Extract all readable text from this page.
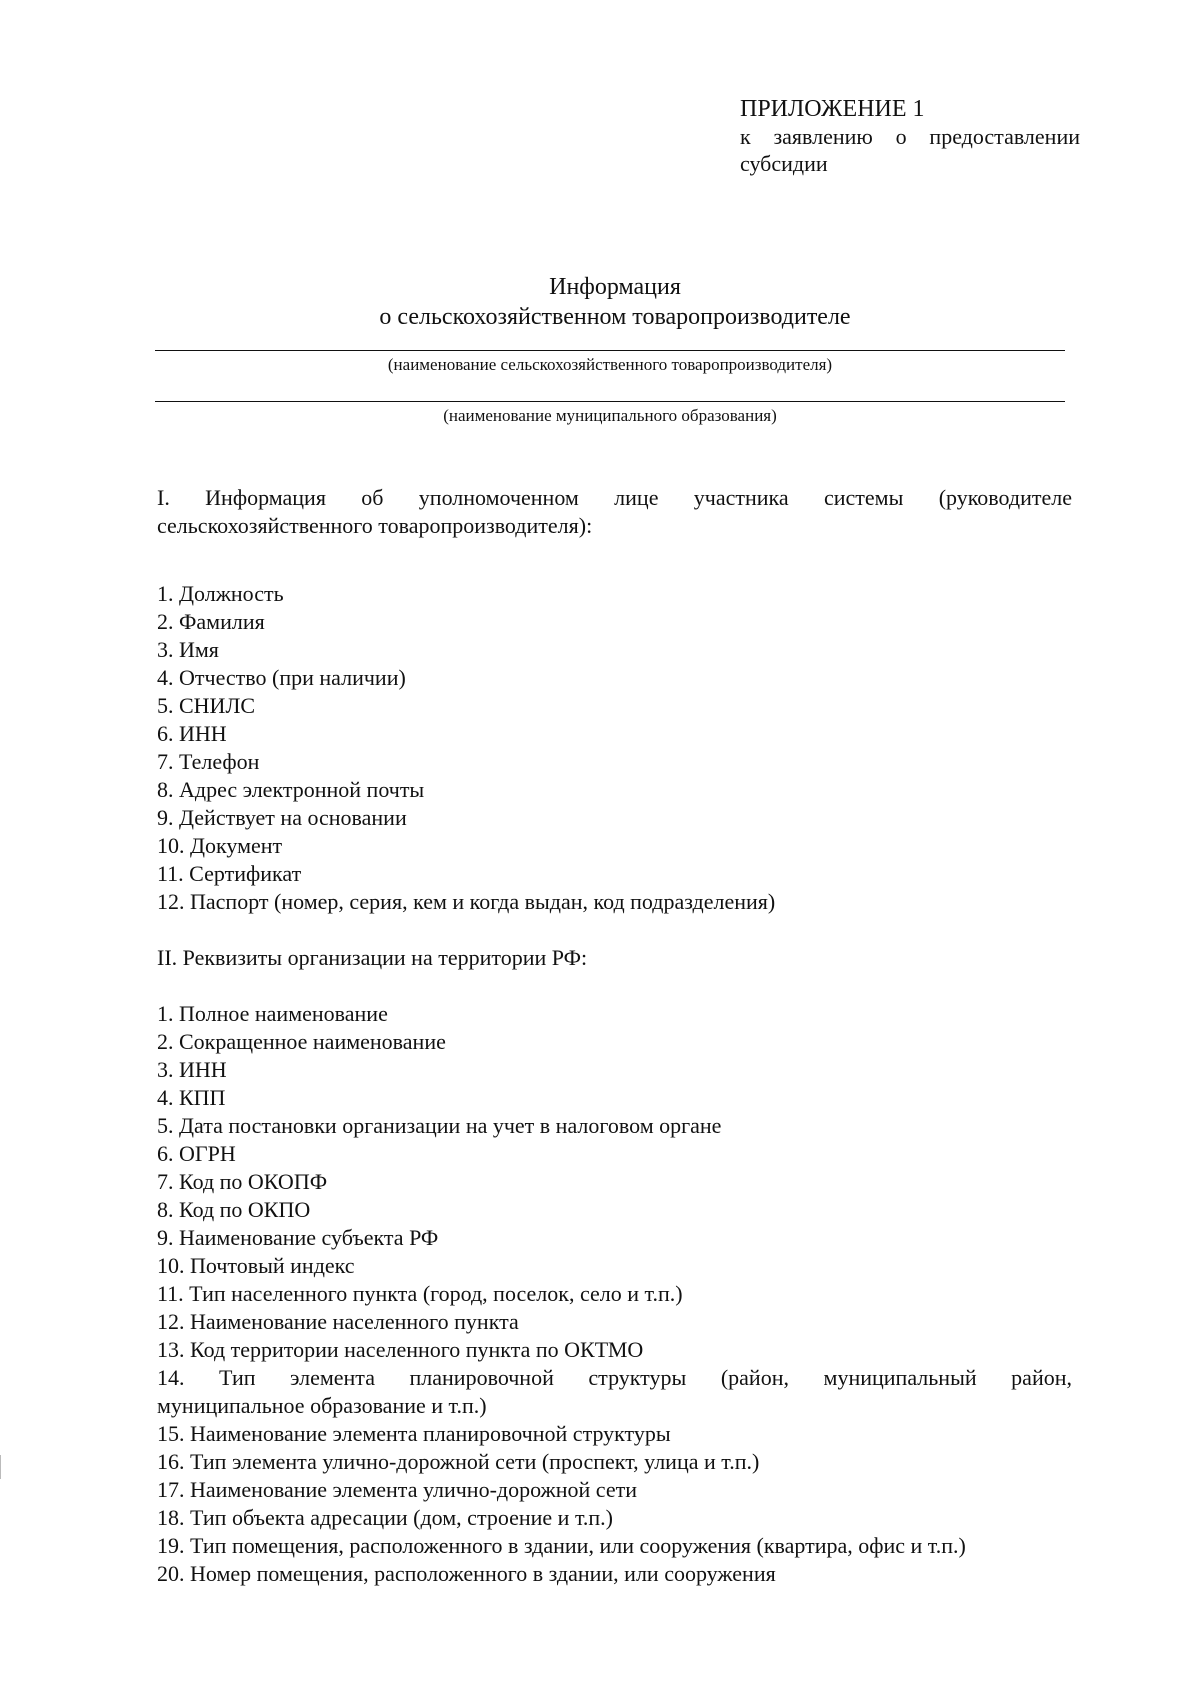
ПРИЛОЖЕНИЕ 1
к заявлению о предоставлении
субсидии
Информация
о сельскохозяйственном товаропроизводителе
(наименование сельскохозяйственного товаропроизводителя)
(наименование муниципального образования)
I. Информация об уполномоченном лице участника системы (руководителе
сельскохозяйственного товаропроизводителя):
1. Должность
2. Фамилия
3. Имя
4. Отчество (при наличии)
5. СНИЛС
6. ИНН
7. Телефон
8. Адрес электронной почты
9. Действует на основании
10. Документ
11. Сертификат
12. Паспорт (номер, серия, кем и когда выдан, код подразделения)
II. Реквизиты организации на территории РФ:
1. Полное наименование
2. Сокращенное наименование
3. ИНН
4. КПП
5. Дата постановки организации на учет в налоговом органе
6. ОГРН
7. Код по ОКОПФ
8. Код по ОКПО
9. Наименование субъекта РФ
10. Почтовый индекс
11. Тип населенного пункта (город, поселок, село и т.п.)
12. Наименование населенного пункта
13. Код территории населенного пункта по ОКТМО
14. Тип элемента планировочной структуры (район, муниципальный район,
муниципальное образование и т.п.)
15. Наименование элемента планировочной структуры
16. Тип элемента улично-дорожной сети (проспект, улица и т.п.)
17. Наименование элемента улично-дорожной сети
18. Тип объекта адресации (дом, строение и т.п.)
19. Тип помещения, расположенного в здании, или сооружения (квартира, офис и т.п.)
20. Номер помещения, расположенного в здании, или сооружения
